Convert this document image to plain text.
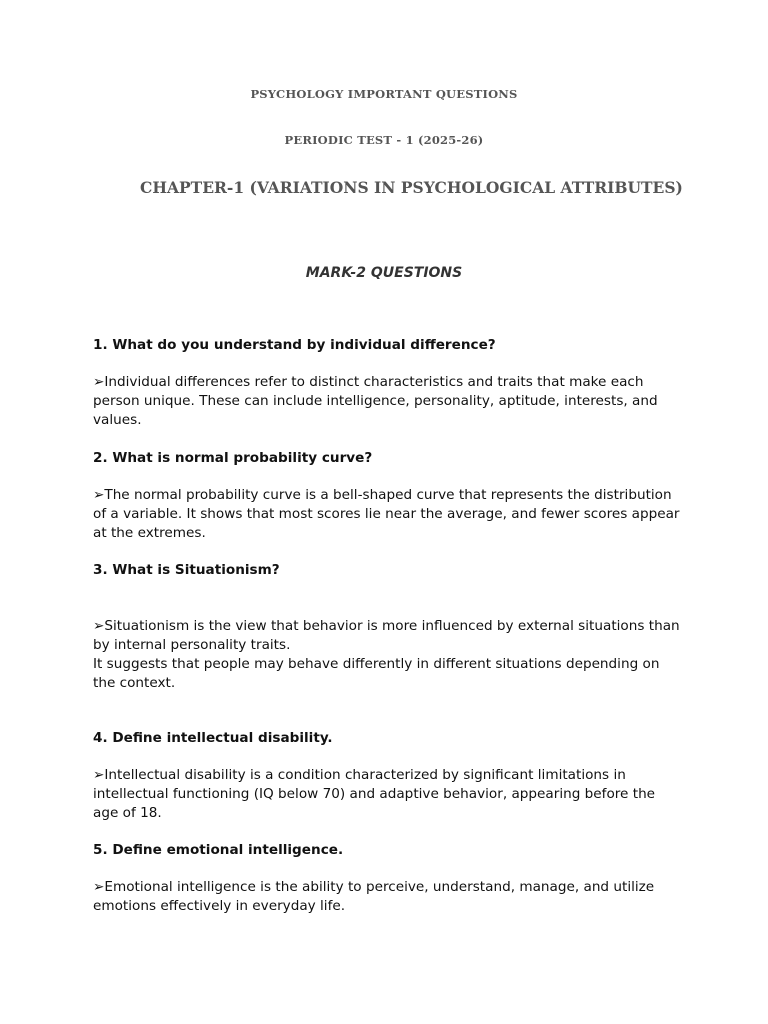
PSYCHOLOGY IMPORTANT QUESTIONS
PERIODIC TEST - 1 (2025-26)
CHAPTER-1 (VARIATIONS IN PSYCHOLOGICAL ATTRIBUTES)
MARK-2 QUESTIONS
1. What do you understand by individual difference?

➢Individual differences refer to distinct characteristics and traits that make each person unique. These can include intelligence, personality, aptitude, interests, and values.

2. What is normal probability curve?

➢The normal probability curve is a bell-shaped curve that represents the distribution of a variable. It shows that most scores lie near the average, and fewer scores appear at the extremes.

3. What is Situationism?

➢Situationism is the view that behavior is more influenced by external situations than by internal personality traits.

It suggests that people may behave differently in different situations depending on the context.

4. Define intellectual disability.

➢Intellectual disability is a condition characterized by significant limitations in intellectual functioning (IQ below 70) and adaptive behavior, appearing before the age of 18.

5. Define emotional intelligence.

➢Emotional intelligence is the ability to perceive, understand, manage, and utilize emotions effectively in everyday life.
